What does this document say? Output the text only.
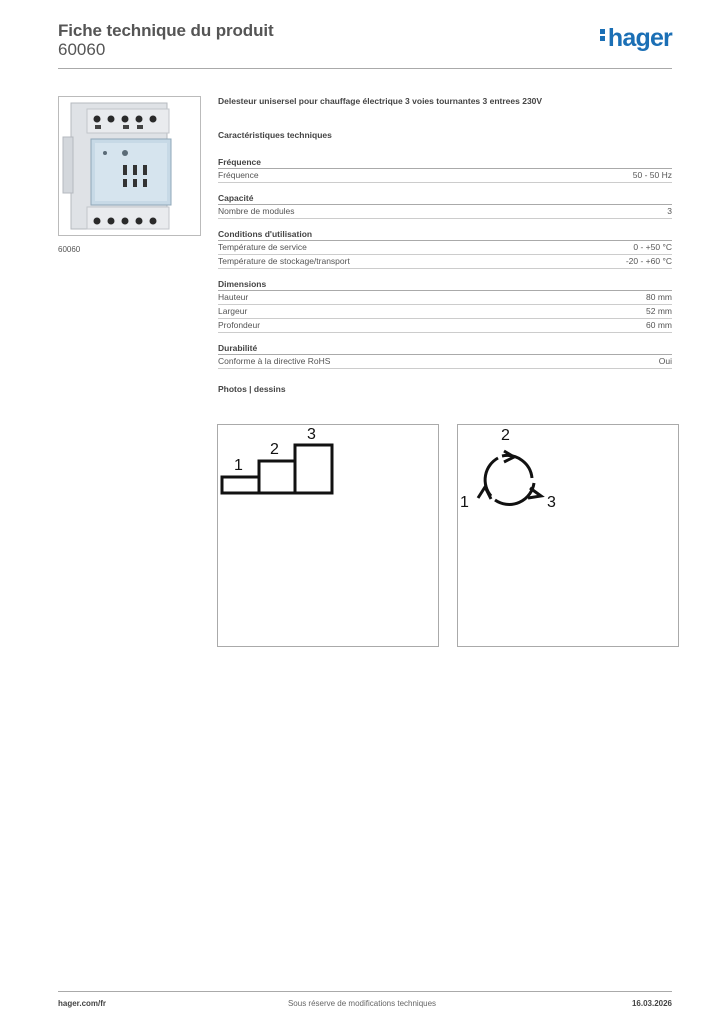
Fiche technique du produit
60060	hager
60060
Delesteur unisersel pour chauffage électrique 3 voies tournantes 3 entrees 230V
Caractéristiques techniques
Fréquence
Fréquence	50 - 50 Hz
Capacité
Nombre de modules	3
Conditions d'utilisation
Température de service	0 - +50 °C
Température de stockage/transport	-20 - +60 °C
Dimensions
Hauteur	80 mm
Largeur	52 mm
Profondeur	60 mm
Durabilité
Conforme à la directive RoHS	Oui
Photos | dessins
1
2
3	2
1	3
hager.com/fr	Sous réserve de modifications techniques	16.03.2026
